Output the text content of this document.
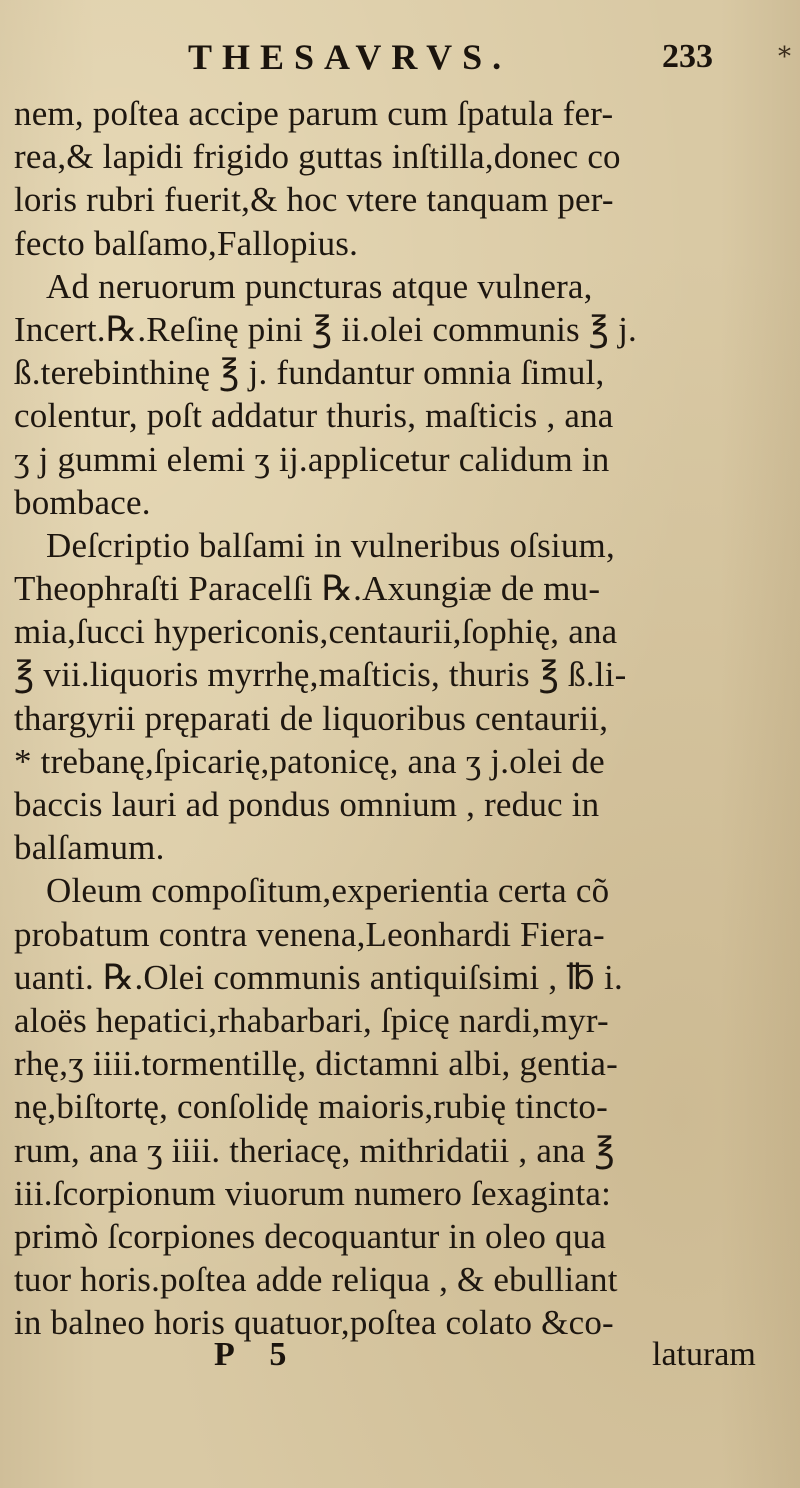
THESAVRVS.	233	*
nem, poſtea accipe parum cum ſpatula fer-
rea,& lapidi frigido guttas inſtilla,donec co
loris rubri fuerit,& hoc vtere tanquam per-
fecto balſamo,Fallopius.
Ad neruorum puncturas atque vulnera,
Incert.℞.Reſinę pini ℥ ii.olei communis ℥ j.
ß.terebinthinę ℥ j. fundantur omnia ſimul,
colentur, poſt addatur thuris, maſticis , ana
ʒ j gummi elemi ʒ ij.applicetur calidum in
bombace.
Deſcriptio balſami in vulneribus oſsium,
Theophraſti Paracelſi ℞.Axungiæ de mu-
mia,ſucci hypericonis,centaurii,ſophię, ana
℥ vii.liquoris myrrhę,maſticis, thuris ℥ ß.li-
thargyrii pręparati de liquoribus centaurii,
* trebanę,ſpicarię,patonicę, ana ʒ j.olei de
baccis lauri ad pondus omnium , reduc in
balſamum.
Oleum compoſitum,experientia certa cõ
probatum contra venena,Leonhardi Fiera-
uanti. ℞.Olei communis antiquiſsimi , ℔ i.
aloës hepatici,rhabarbari, ſpicę nardi,myr-
rhę,ʒ iiii.tormentillę, dictamni albi, gentia-
nę,biſtortę, conſolidę maioris,rubię tincto-
rum, ana ʒ iiii. theriacę, mithridatii , ana ℥
iii.ſcorpionum viuorum numero ſexaginta:
primò ſcorpiones decoquantur in oleo qua
tuor horis.poſtea adde reliqua , & ebulliant
in balneo horis quatuor,poſtea colato &co-
P 5	laturam
